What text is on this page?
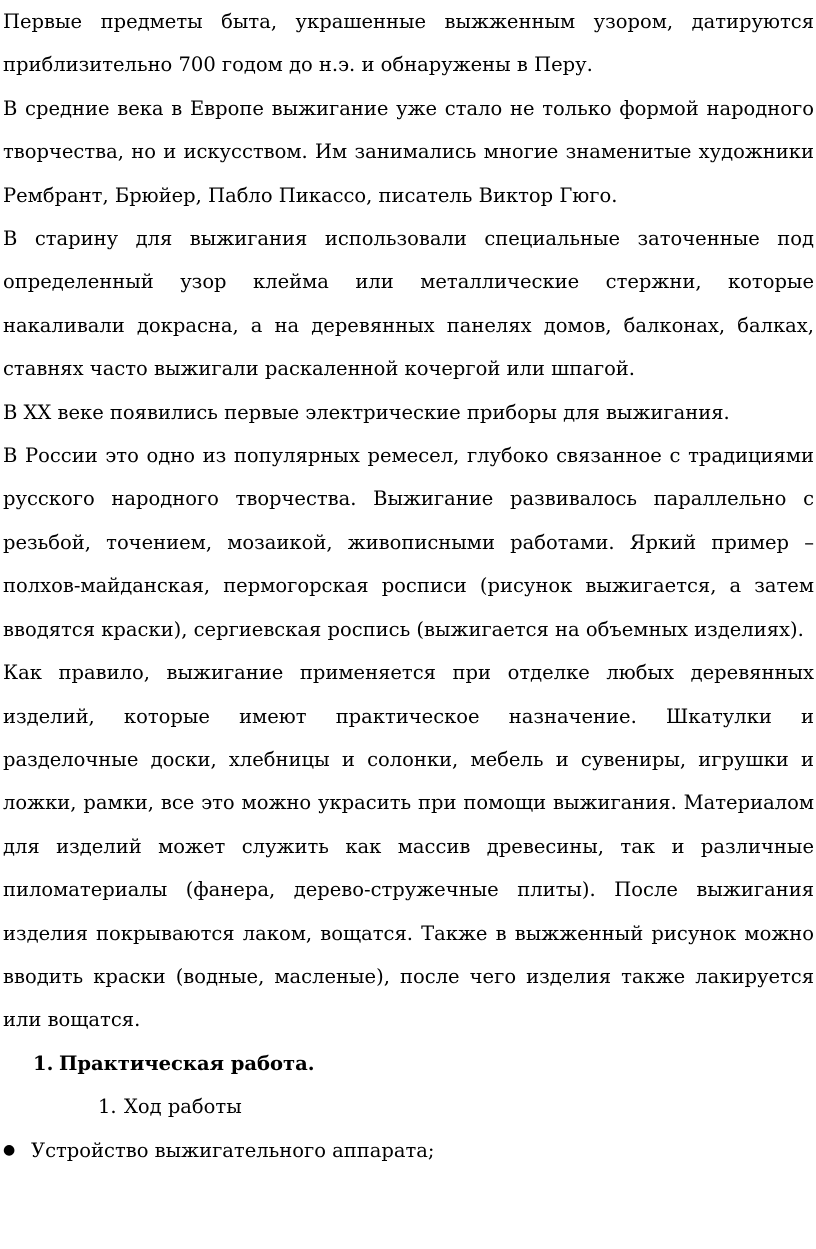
Первые предметы быта, украшенные выжженным узором, датируются приблизительно 700 годом до н.э. и обнаружены в Перу.

В средние века в Европе выжигание уже стало не только формой народного творчества, но и искусством. Им занимались многие знаменитые художники Рембрант, Брюйер, Пабло Пикассо, писатель Виктор Гюго.

В старину для выжигания использовали специальные заточенные под определенный узор клейма или металлические стержни, которые накаливали докрасна, а на деревянных панелях домов, балконах, балках, ставнях часто выжигали раскаленной кочергой или шпагой.

В XX веке появились первые электрические приборы для выжигания.

В России это одно из популярных ремесел, глубоко связанное с традициями русского народного творчества. Выжигание развивалось параллельно с резьбой, точением, мозаикой, живописными работами. Яркий пример – полхов-майданская, пермогорская росписи (рисунок выжигается, а затем вводятся краски), сергиевская роспись (выжигается на объемных изделиях).

Как правило, выжигание применяется при отделке любых деревянных изделий, которые имеют практическое назначение. Шкатулки и разделочные доски, хлебницы и солонки, мебель и сувениры, игрушки и ложки, рамки, все это можно украсить при помощи выжигания. Материалом для изделий может служить как массив древесины, так и различные пиломатериалы (фанера, дерево-стружечные плиты). После выжигания изделия покрываются лаком, вощатся. Также в выжженный рисунок можно вводить краски (водные, масленые), после чего изделия также лакируется или вощатся.

1. Практическая работа.

1. Ход работы

● Устройство выжигательного аппарата;
